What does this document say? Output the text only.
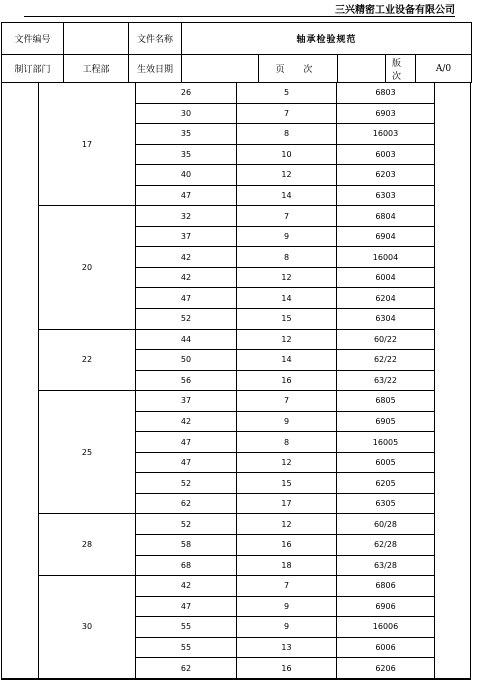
三兴精密工业设备有限公司
文件编号		文件名称	轴承检验规范				
制订部门	工程部	生效日期		页 次		版 次	A/0
17	26	5	6803
	30	7	6903
	35	8	16003
	35	10	6003
	40	12	6203
	47	14	6303
20	32	7	6804
	37	9	6904
	42	8	16004
	42	12	6004
	47	14	6204
	52	15	6304
22	44	12	60/22
	50	14	62/22
	56	16	63/22
25	37	7	6805
	42	9	6905
	47	8	16005
	47	12	6005
	52	15	6205
	62	17	6305
28	52	12	60/28
	58	16	62/28
	68	18	63/28
30	42	7	6806
	47	9	6906
	55	9	16006
	55	13	6006
	62	16	6206
